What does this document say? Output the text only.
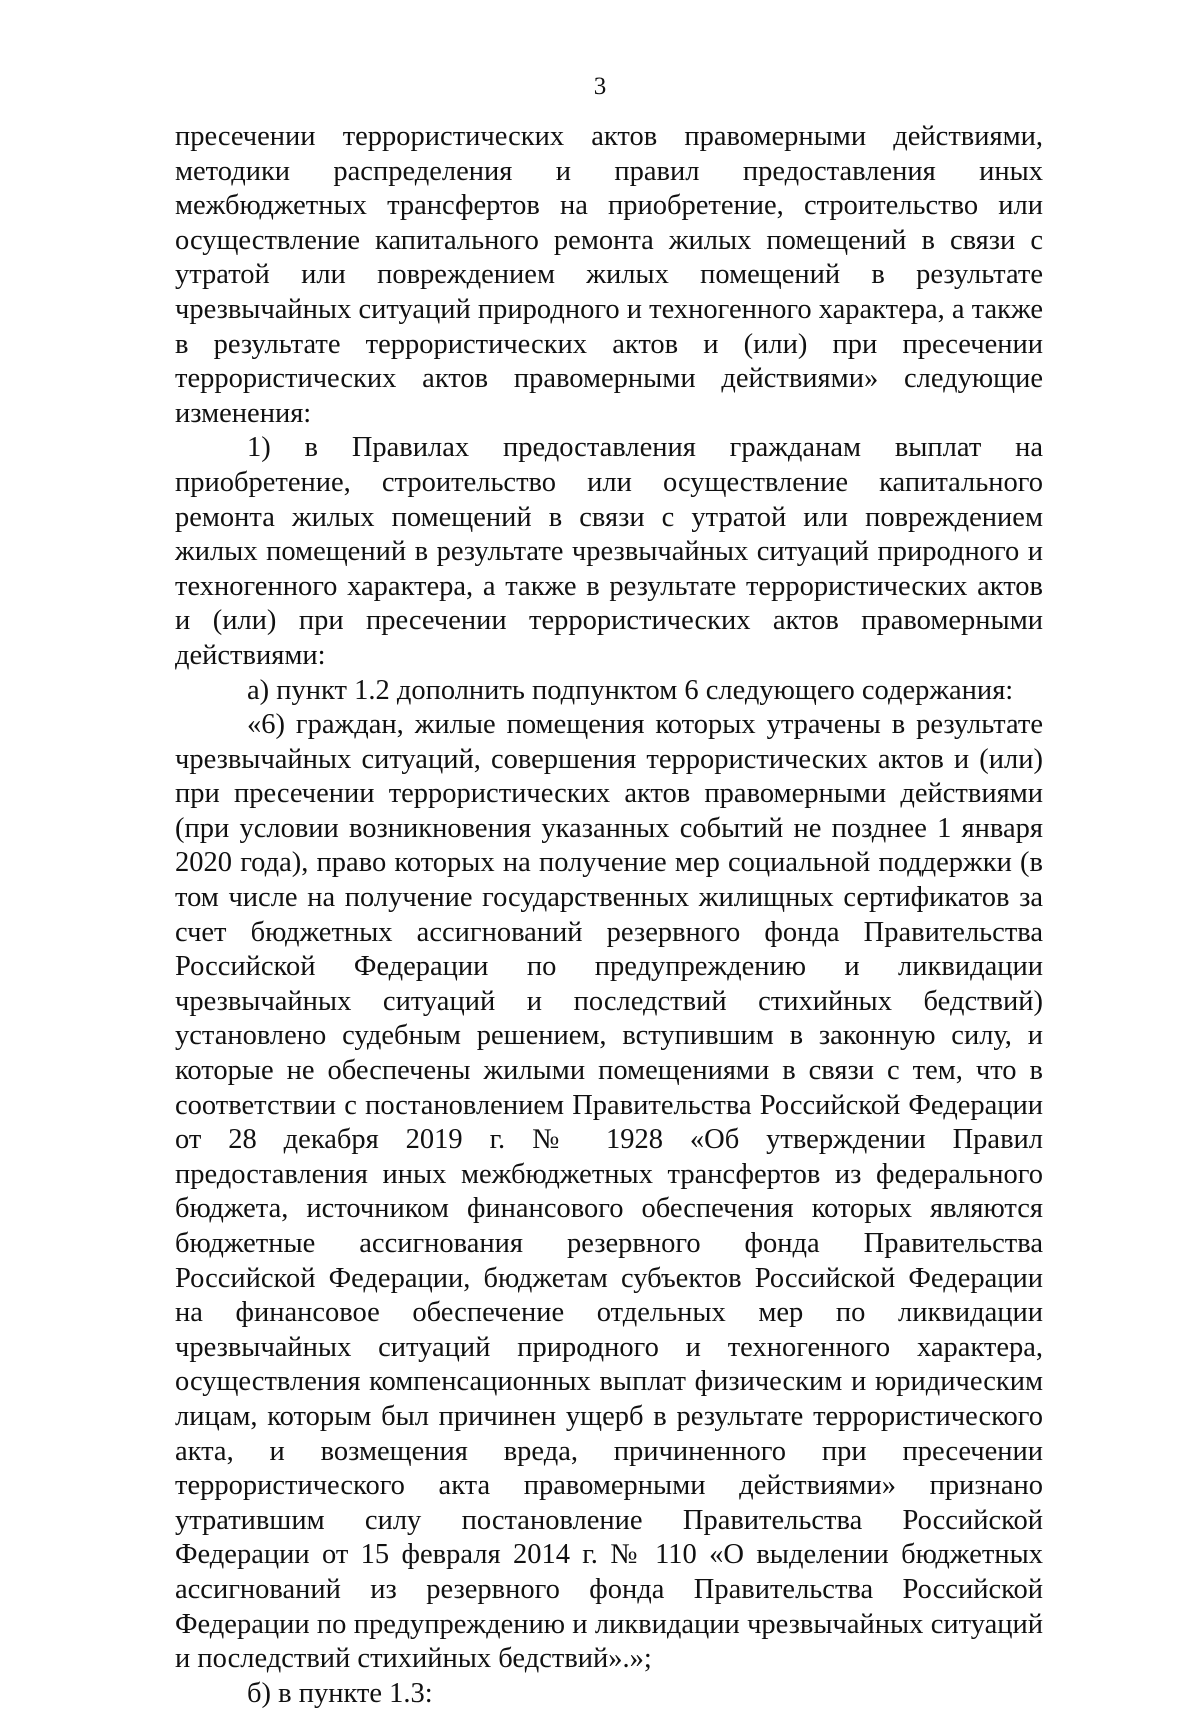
3

пресечении террористических актов правомерными действиями, методики распределения и правил предоставления иных межбюджетных трансфертов на приобретение, строительство или осуществление капитального ремонта жилых помещений в связи с утратой или повреждением жилых помещений в результате чрезвычайных ситуаций природного и техногенного характера, а также в результате террористических актов и (или) при пресечении террористических актов правомерными действиями» следующие изменения:

1) в Правилах предоставления гражданам выплат на приобретение, строительство или осуществление капитального ремонта жилых помещений в связи с утратой или повреждением жилых помещений в результате чрезвычайных ситуаций природного и техногенного характера, а также в результате террористических актов и (или) при пресечении террористических актов правомерными действиями:

а) пункт 1.2 дополнить подпунктом 6 следующего содержания:

«6) граждан, жилые помещения которых утрачены в результате чрезвычайных ситуаций, совершения террористических актов и (или) при пресечении террористических актов правомерными действиями (при условии возникновения указанных событий не позднее 1 января 2020 года), право которых на получение мер социальной поддержки (в том числе на получение государственных жилищных сертификатов за счет бюджетных ассигнований резервного фонда Правительства Российской Федерации по предупреждению и ликвидации чрезвычайных ситуаций и последствий стихийных бедствий) установлено судебным решением, вступившим в законную силу, и которые не обеспечены жилыми помещениями в связи с тем, что в соответствии с постановлением Правительства Российской Федерации от 28 декабря 2019 г. № 1928 «Об утверждении Правил предоставления иных межбюджетных трансфертов из федерального бюджета, источником финансового обеспечения которых являются бюджетные ассигнования резервного фонда Правительства Российской Федерации, бюджетам субъектов Российской Федерации на финансовое обеспечение отдельных мер по ликвидации чрезвычайных ситуаций природного и техногенного характера, осуществления компенсационных выплат физическим и юридическим лицам, которым был причинен ущерб в результате террористического акта, и возмещения вреда, причиненного при пресечении террористического акта правомерными действиями» признано утратившим силу постановление Правительства Российской Федерации от 15 февраля 2014 г. № 110 «О выделении бюджетных ассигнований из резервного фонда Правительства Российской Федерации по предупреждению и ликвидации чрезвычайных ситуаций и последствий стихийных бедствий».»;

б) в пункте 1.3:
